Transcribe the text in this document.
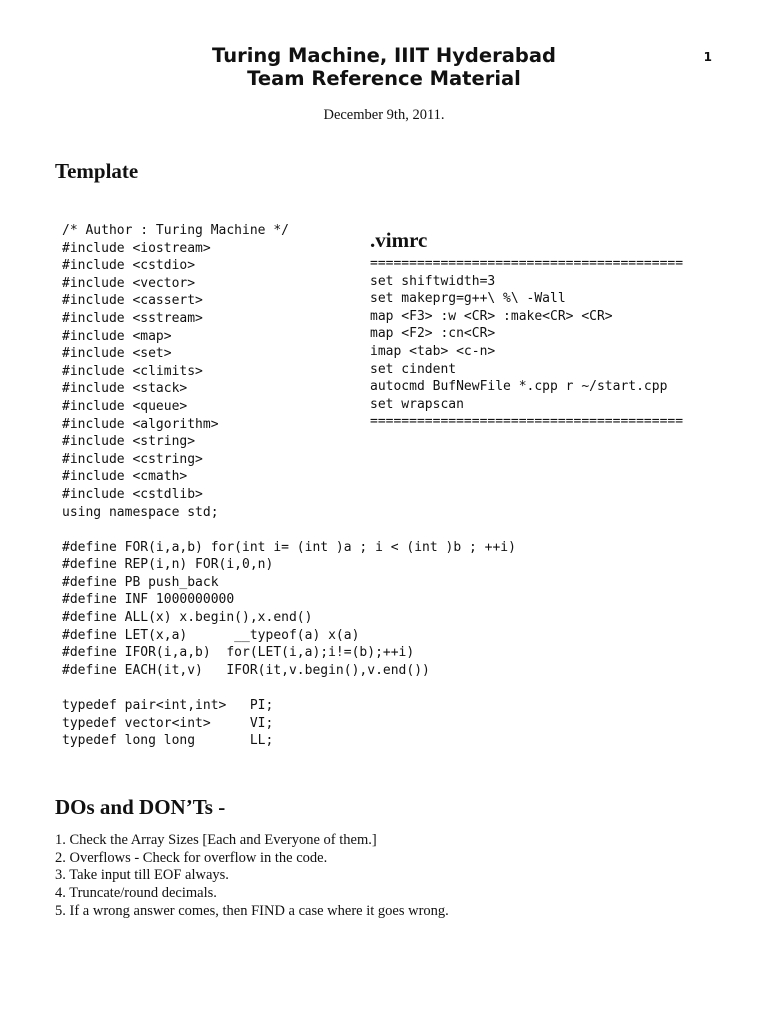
Turing Machine, IIIT Hyderabad
Team Reference Material
1
December 9th, 2011.
Template
/* Author : Turing Machine */
#include <iostream>
#include <cstdio>
#include <vector>
#include <cassert>
#include <sstream>
#include <map>
#include <set>
#include <climits>
#include <stack>
#include <queue>
#include <algorithm>
#include <string>
#include <cstring>
#include <cmath>
#include <cstdlib>
using namespace std;

#define FOR(i,a,b) for(int i= (int )a ; i < (int )b ; ++i)
#define REP(i,n) FOR(i,0,n)
#define PB push_back
#define INF 1000000000
#define ALL(x) x.begin(),x.end()
#define LET(x,a)      __typeof(a) x(a)
#define IFOR(i,a,b)  for(LET(i,a);i!=(b);++i)
#define EACH(it,v)   IFOR(it,v.begin(),v.end())

typedef pair<int,int>   PI;
typedef vector<int>     VI;
typedef long long       LL;
.vimrc
========================================
set shiftwidth=3
set makeprg=g++\ %\ -Wall
map <F3> :w <CR> :make<CR> <CR>
map <F2> :cn<CR>
imap <tab> <c-n>
set cindent
autocmd BufNewFile *.cpp r ~/start.cpp
set wrapscan
========================================
DOs and DON’Ts -
1. Check the Array Sizes [Each and Everyone of them.]
2. Overflows - Check for overflow in the code.
3. Take input till EOF always.
4. Truncate/round decimals.
5. If a wrong answer comes, then FIND a case where it goes wrong.
